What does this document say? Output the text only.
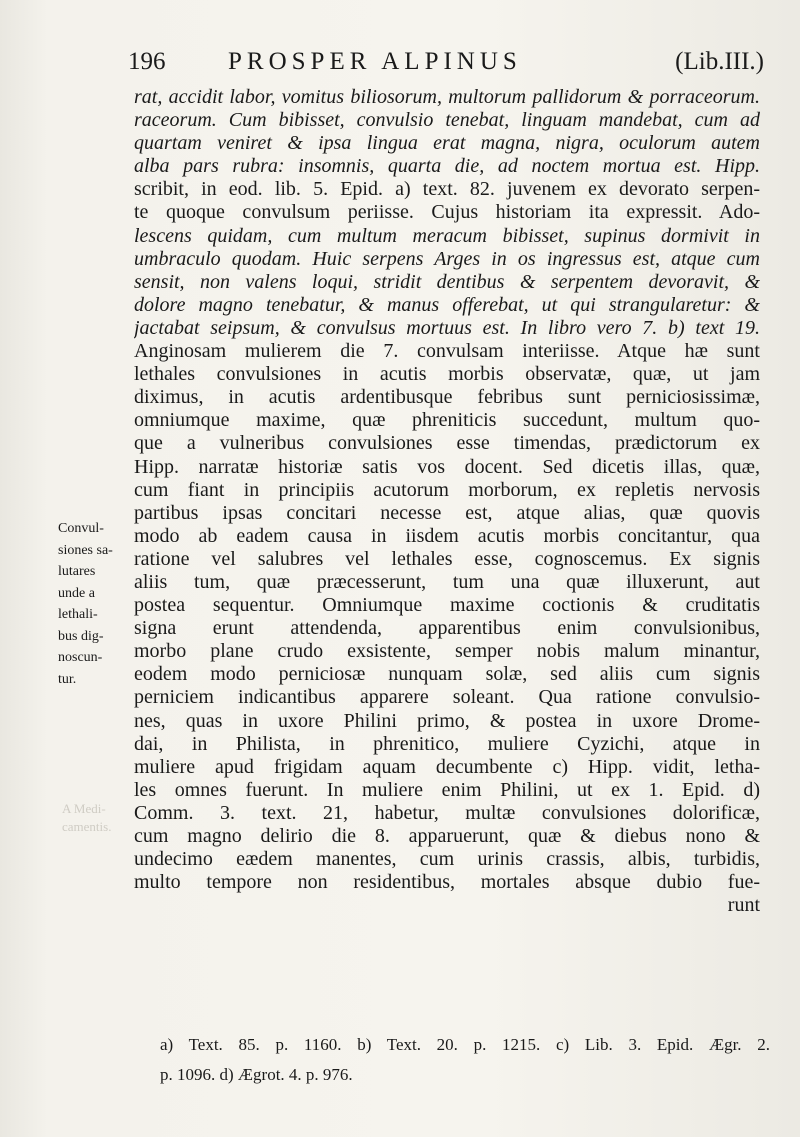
196	PROSPER ALPINUS	(Lib.III.)
A Medi-
camentis.
Convul-
siones sa-
lutares
unde a
lethali-
bus dig-
noscun-
tur.
rat, accidit labor, vomitus biliosorum, multorum pallidorum & porraceorum.
raceorum. Cum bibisset, convulsio tenebat, linguam mandebat, cum ad
quartam veniret & ipsa lingua erat magna, nigra, oculorum autem
alba pars rubra: insomnis, quarta die, ad noctem mortua est. Hipp.
scribit, in eod. lib. 5. Epid. a) text. 82. juvenem ex devorato serpen-
te quoque convulsum periisse. Cujus historiam ita expressit. Ado-
lescens quidam, cum multum meracum bibisset, supinus dormivit in
umbraculo quodam. Huic serpens Arges in os ingressus est, atque cum
sensit, non valens loqui, stridit dentibus & serpentem devoravit, &
dolore magno tenebatur, & manus offerebat, ut qui strangularetur: &
jactabat seipsum, & convulsus mortuus est. In libro vero 7. b) text 19.
Anginosam mulierem die 7. convulsam interiisse. Atque hæ sunt
lethales convulsiones in acutis morbis observatæ, quæ, ut jam
diximus, in acutis ardentibusque febribus sunt perniciosissimæ,
omniumque maxime, quæ phreniticis succedunt, multum quo-
que a vulneribus convulsiones esse timendas, prædictorum ex
Hipp. narratæ historiæ satis vos docent. Sed dicetis illas, quæ,
cum fiant in principiis acutorum morborum, ex repletis nervosis
partibus ipsas concitari necesse est, atque alias, quæ quovis
modo ab eadem causa in iisdem acutis morbis concitantur, qua
ratione vel salubres vel lethales esse, cognoscemus. Ex signis
aliis tum, quæ præcesserunt, tum una quæ illuxerunt, aut
postea sequentur. Omniumque maxime coctionis & cruditatis
signa erunt attendenda, apparentibus enim convulsionibus,
morbo plane crudo exsistente, semper nobis malum minantur,
eodem modo perniciosæ nunquam solæ, sed aliis cum signis
perniciem indicantibus apparere soleant. Qua ratione convulsio-
nes, quas in uxore Philini primo, & postea in uxore Drome-
dai, in Philista, in phrenitico, muliere Cyzichi, atque in
muliere apud frigidam aquam decumbente c) Hipp. vidit, letha-
les omnes fuerunt. In muliere enim Philini, ut ex 1. Epid. d)
Comm. 3. text. 21, habetur, multæ convulsiones dolorificæ,
cum magno delirio die 8. apparuerunt, quæ & diebus nono &
undecimo eædem manentes, cum urinis crassis, albis, turbidis,
multo tempore non residentibus, mortales absque dubio fue-
runt
a) Text. 85. p. 1160. b) Text. 20. p. 1215. c) Lib. 3. Epid. Ægr. 2.
p. 1096. d) Ægrot. 4. p. 976.
